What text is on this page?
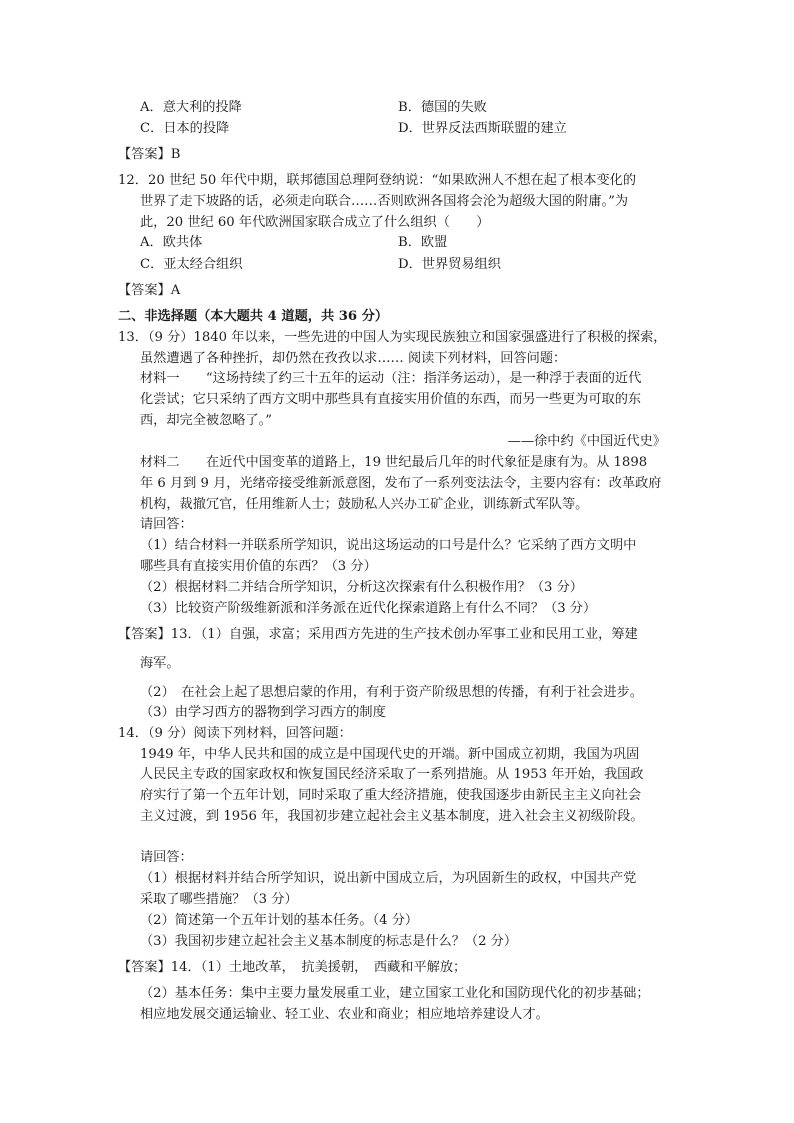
A．意大利的投降	B．德国的失败
C．日本的投降	D．世界反法西斯联盟的建立
【答案】B
12．20 世纪 50 年代中期，联邦德国总理阿登纳说：“如果欧洲人不想在起了根本变化的
世界了走下坡路的话，必须走向联合……否则欧洲各国将会沦为超级大国的附庸。”为
此，20 世纪 60 年代欧洲国家联合成立了什么组织（　　）
A．欧共体	B．欧盟
C．亚太经合组织	D．世界贸易组织
【答案】A
二、非选择题（本大题共 4 道题，共 36 分）
13．（9 分）1840 年以来，一些先进的中国人为实现民族独立和国家强盛进行了积极的探索，
虽然遭遇了各种挫折，却仍然在孜孜以求…… 阅读下列材料，回答问题：
材料一　　“这场持续了约三十五年的运动（注：指洋务运动），是一种浮于表面的近代
化尝试；它只采纳了西方文明中那些具有直接实用价值的东西，而另一些更为可取的东
西，却完全被忽略了。”
——徐中约《中国近代史》
材料二　　在近代中国变革的道路上，19 世纪最后几年的时代象征是康有为。从 1898
年 6 月到 9 月，光绪帝接受维新派意图，发布了一系列变法法令，主要内容有：改革政府
机构，裁撤冗官，任用维新人士；鼓励私人兴办工矿企业，训练新式军队等。
请回答：
（1）结合材料一并联系所学知识，说出这场运动的口号是什么？它采纳了西方文明中
哪些具有直接实用价值的东西？（3 分）
（2）根据材料二并结合所学知识，分析这次探索有什么积极作用？（3 分）
（3）比较资产阶级维新派和洋务派在近代化探索道路上有什么不同？（3 分）
【答案】13．（1）自强，求富；采用西方先进的生产技术创办军事工业和民用工业，筹建
海军。
（2）　在社会上起了思想启蒙的作用，有利于资产阶级思想的传播，有利于社会进步。
（3）由学习西方的器物到学习西方的制度
14．（9 分）阅读下列材料，回答问题：
1949 年，中华人民共和国的成立是中国现代史的开端。新中国成立初期，我国为巩固
人民民主专政的国家政权和恢复国民经济采取了一系列措施。从 1953 年开始，我国政
府实行了第一个五年计划，同时采取了重大经济措施，使我国逐步由新民主主义向社会
主义过渡，到 1956 年，我国初步建立起社会主义基本制度，进入社会主义初级阶段。
请回答：
（1）根据材料并结合所学知识，说出新中国成立后，为巩固新生的政权，中国共产党
采取了哪些措施？（3 分）
（2）简述第一个五年计划的基本任务。（4 分）
（3）我国初步建立起社会主义基本制度的标志是什么？（2 分）
【答案】14．（1）土地改革，　抗美援朝，　西藏和平解放；
（2）基本任务：集中主要力量发展重工业，建立国家工业化和国防现代化的初步基础；
相应地发展交通运输业、轻工业、农业和商业；相应地培养建设人才。
